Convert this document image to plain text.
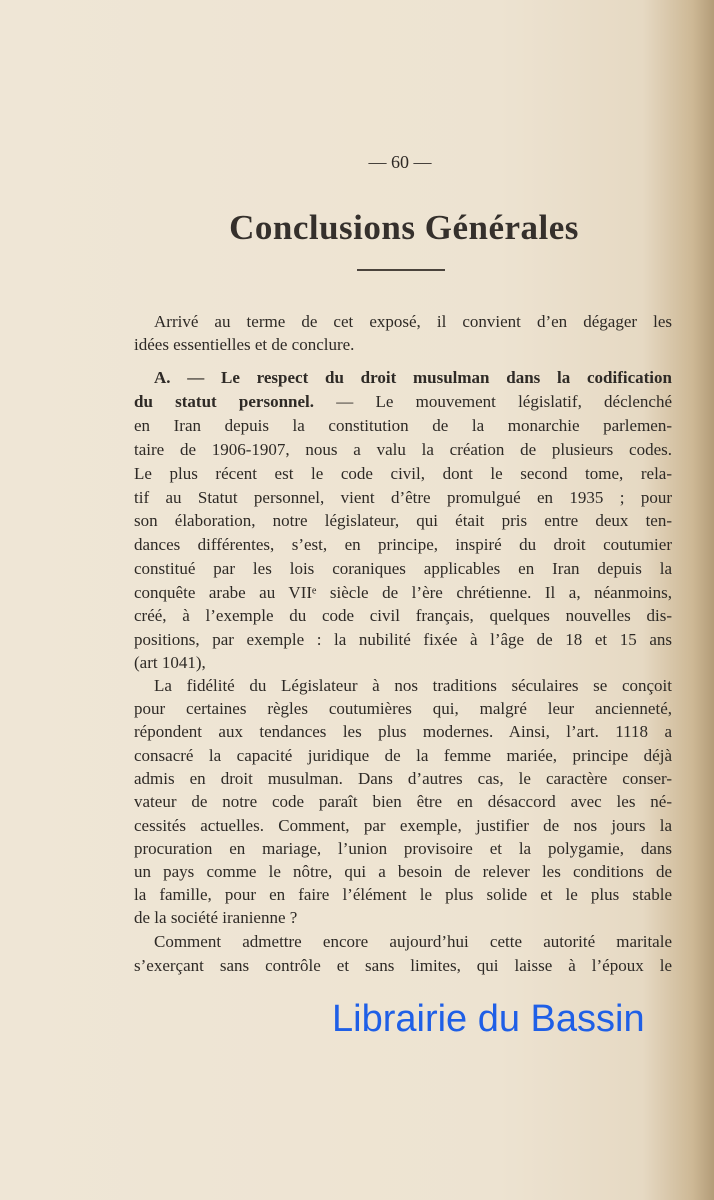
— 60 —
Conclusions Générales
Arrivé au terme de cet exposé, il convient d’en dégager les
idées essentielles et de conclure.
A. — Le respect du droit musulman dans la codification
du statut personnel. — Le mouvement législatif, déclenché
en Iran depuis la constitution de la monarchie parlemen-
taire de 1906-1907, nous a valu la création de plusieurs codes.
Le plus récent est le code civil, dont le second tome, rela-
tif au Statut personnel, vient d’être promulgué en 1935 ; pour
son élaboration, notre législateur, qui était pris entre deux ten-
dances différentes, s’est, en principe, inspiré du droit coutumier
constitué par les lois coraniques applicables en Iran depuis la
conquête arabe au VIIᵉ siècle de l’ère chrétienne. Il a, néanmoins,
créé, à l’exemple du code civil français, quelques nouvelles dis-
positions, par exemple : la nubilité fixée à l’âge de 18 et 15 ans
(art 1041),
La fidélité du Législateur à nos traditions séculaires se conçoit
pour certaines règles coutumières qui, malgré leur ancienneté,
répondent aux tendances les plus modernes. Ainsi, l’art. 1118 a
consacré la capacité juridique de la femme mariée, principe déjà
admis en droit musulman. Dans d’autres cas, le caractère conser-
vateur de notre code paraît bien être en désaccord avec les né-
cessités actuelles. Comment, par exemple, justifier de nos jours la
procuration en mariage, l’union provisoire et la polygamie, dans
un pays comme le nôtre, qui a besoin de relever les conditions de
la famille, pour en faire l’élément le plus solide et le plus stable
de la société iranienne ?
Comment admettre encore aujourd’hui cette autorité maritale
s’exerçant sans contrôle et sans limites, qui laisse à l’époux le
Librairie du Bassin
